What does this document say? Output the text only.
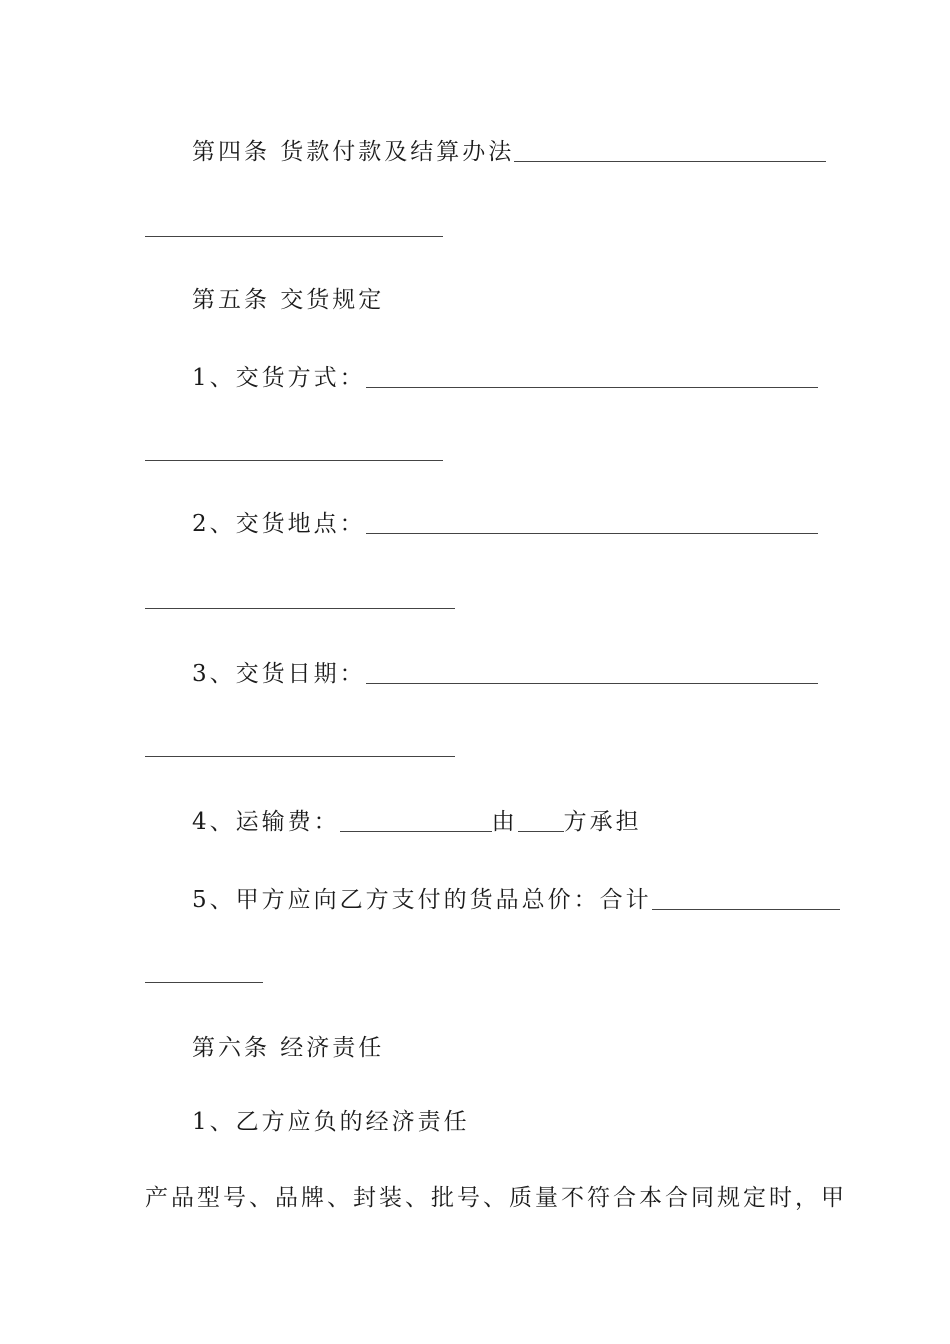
第四条 货款付款及结算办法
第五条 交货规定
1、交货方式：
2、交货地点：
3、交货日期：
4、运输费：	由 方承担
5、甲方应向乙方支付的货品总价：合计
第六条 经济责任
1、乙方应负的经济责任
产品型号、品牌、封装、批号、质量不符合本合同规定时，甲
